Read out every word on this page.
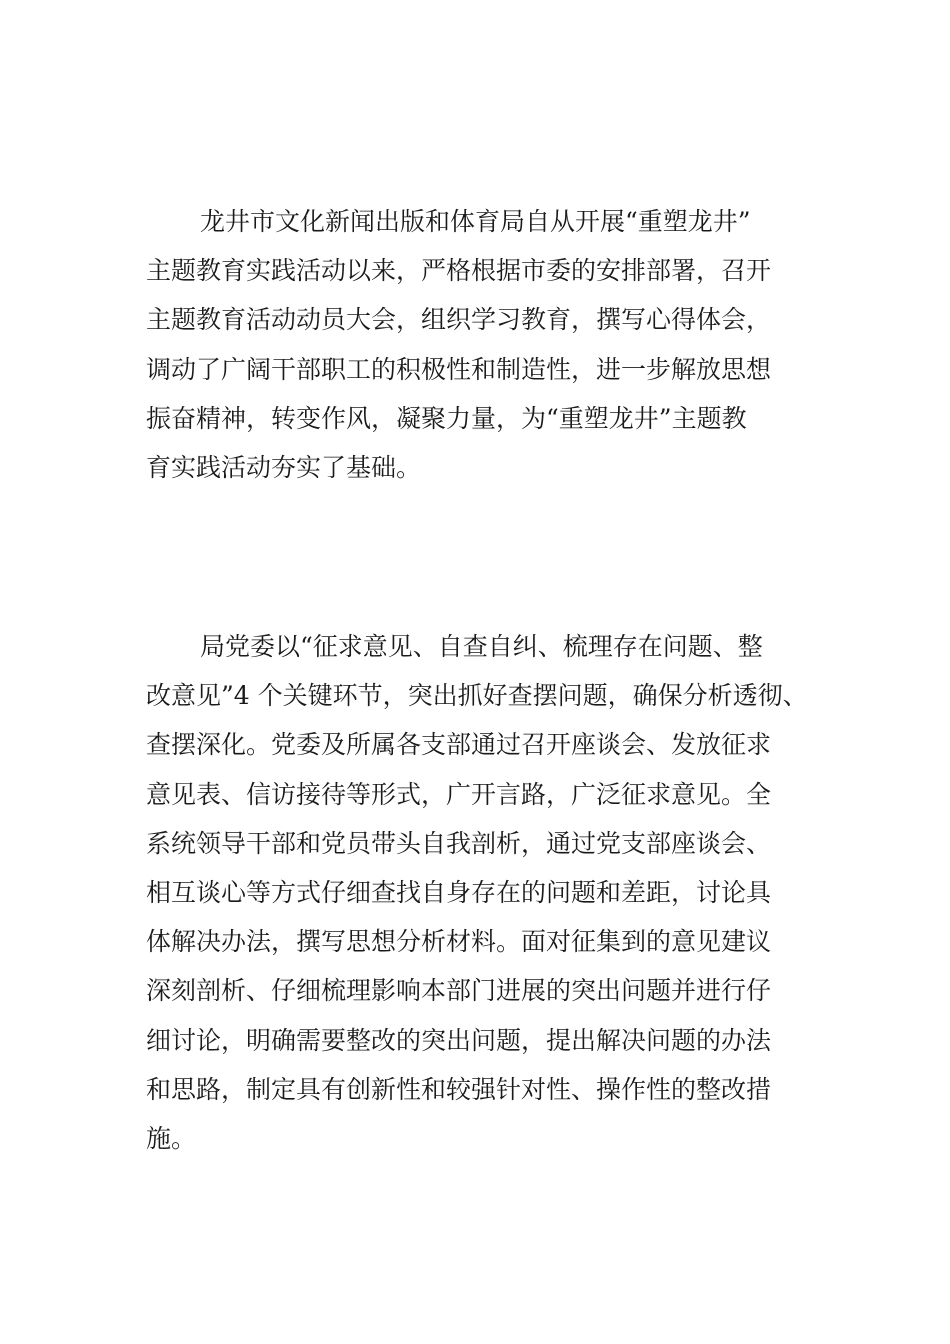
龙井市文化新闻出版和体育局自从开展“重塑龙井”
主题教育实践活动以来，严格根据市委的安排部署，召开
主题教育活动动员大会，组织学习教育，撰写心得体会，
调动了广阔干部职工的积极性和制造性，进一步解放思想
振奋精神，转变作风，凝聚力量，为“重塑龙井”主题教
育实践活动夯实了基础。
局党委以“征求意见、自查自纠、梳理存在问题、整
改意见”4 个关键环节，突出抓好查摆问题，确保分析透彻、
查摆深化。党委及所属各支部通过召开座谈会、发放征求
意见表、信访接待等形式，广开言路，广泛征求意见。全
系统领导干部和党员带头自我剖析，通过党支部座谈会、
相互谈心等方式仔细查找自身存在的问题和差距，讨论具
体解决办法，撰写思想分析材料。面对征集到的意见建议
深刻剖析、仔细梳理影响本部门进展的突出问题并进行仔
细讨论，明确需要整改的突出问题，提出解决问题的办法
和思路，制定具有创新性和较强针对性、操作性的整改措
施。
